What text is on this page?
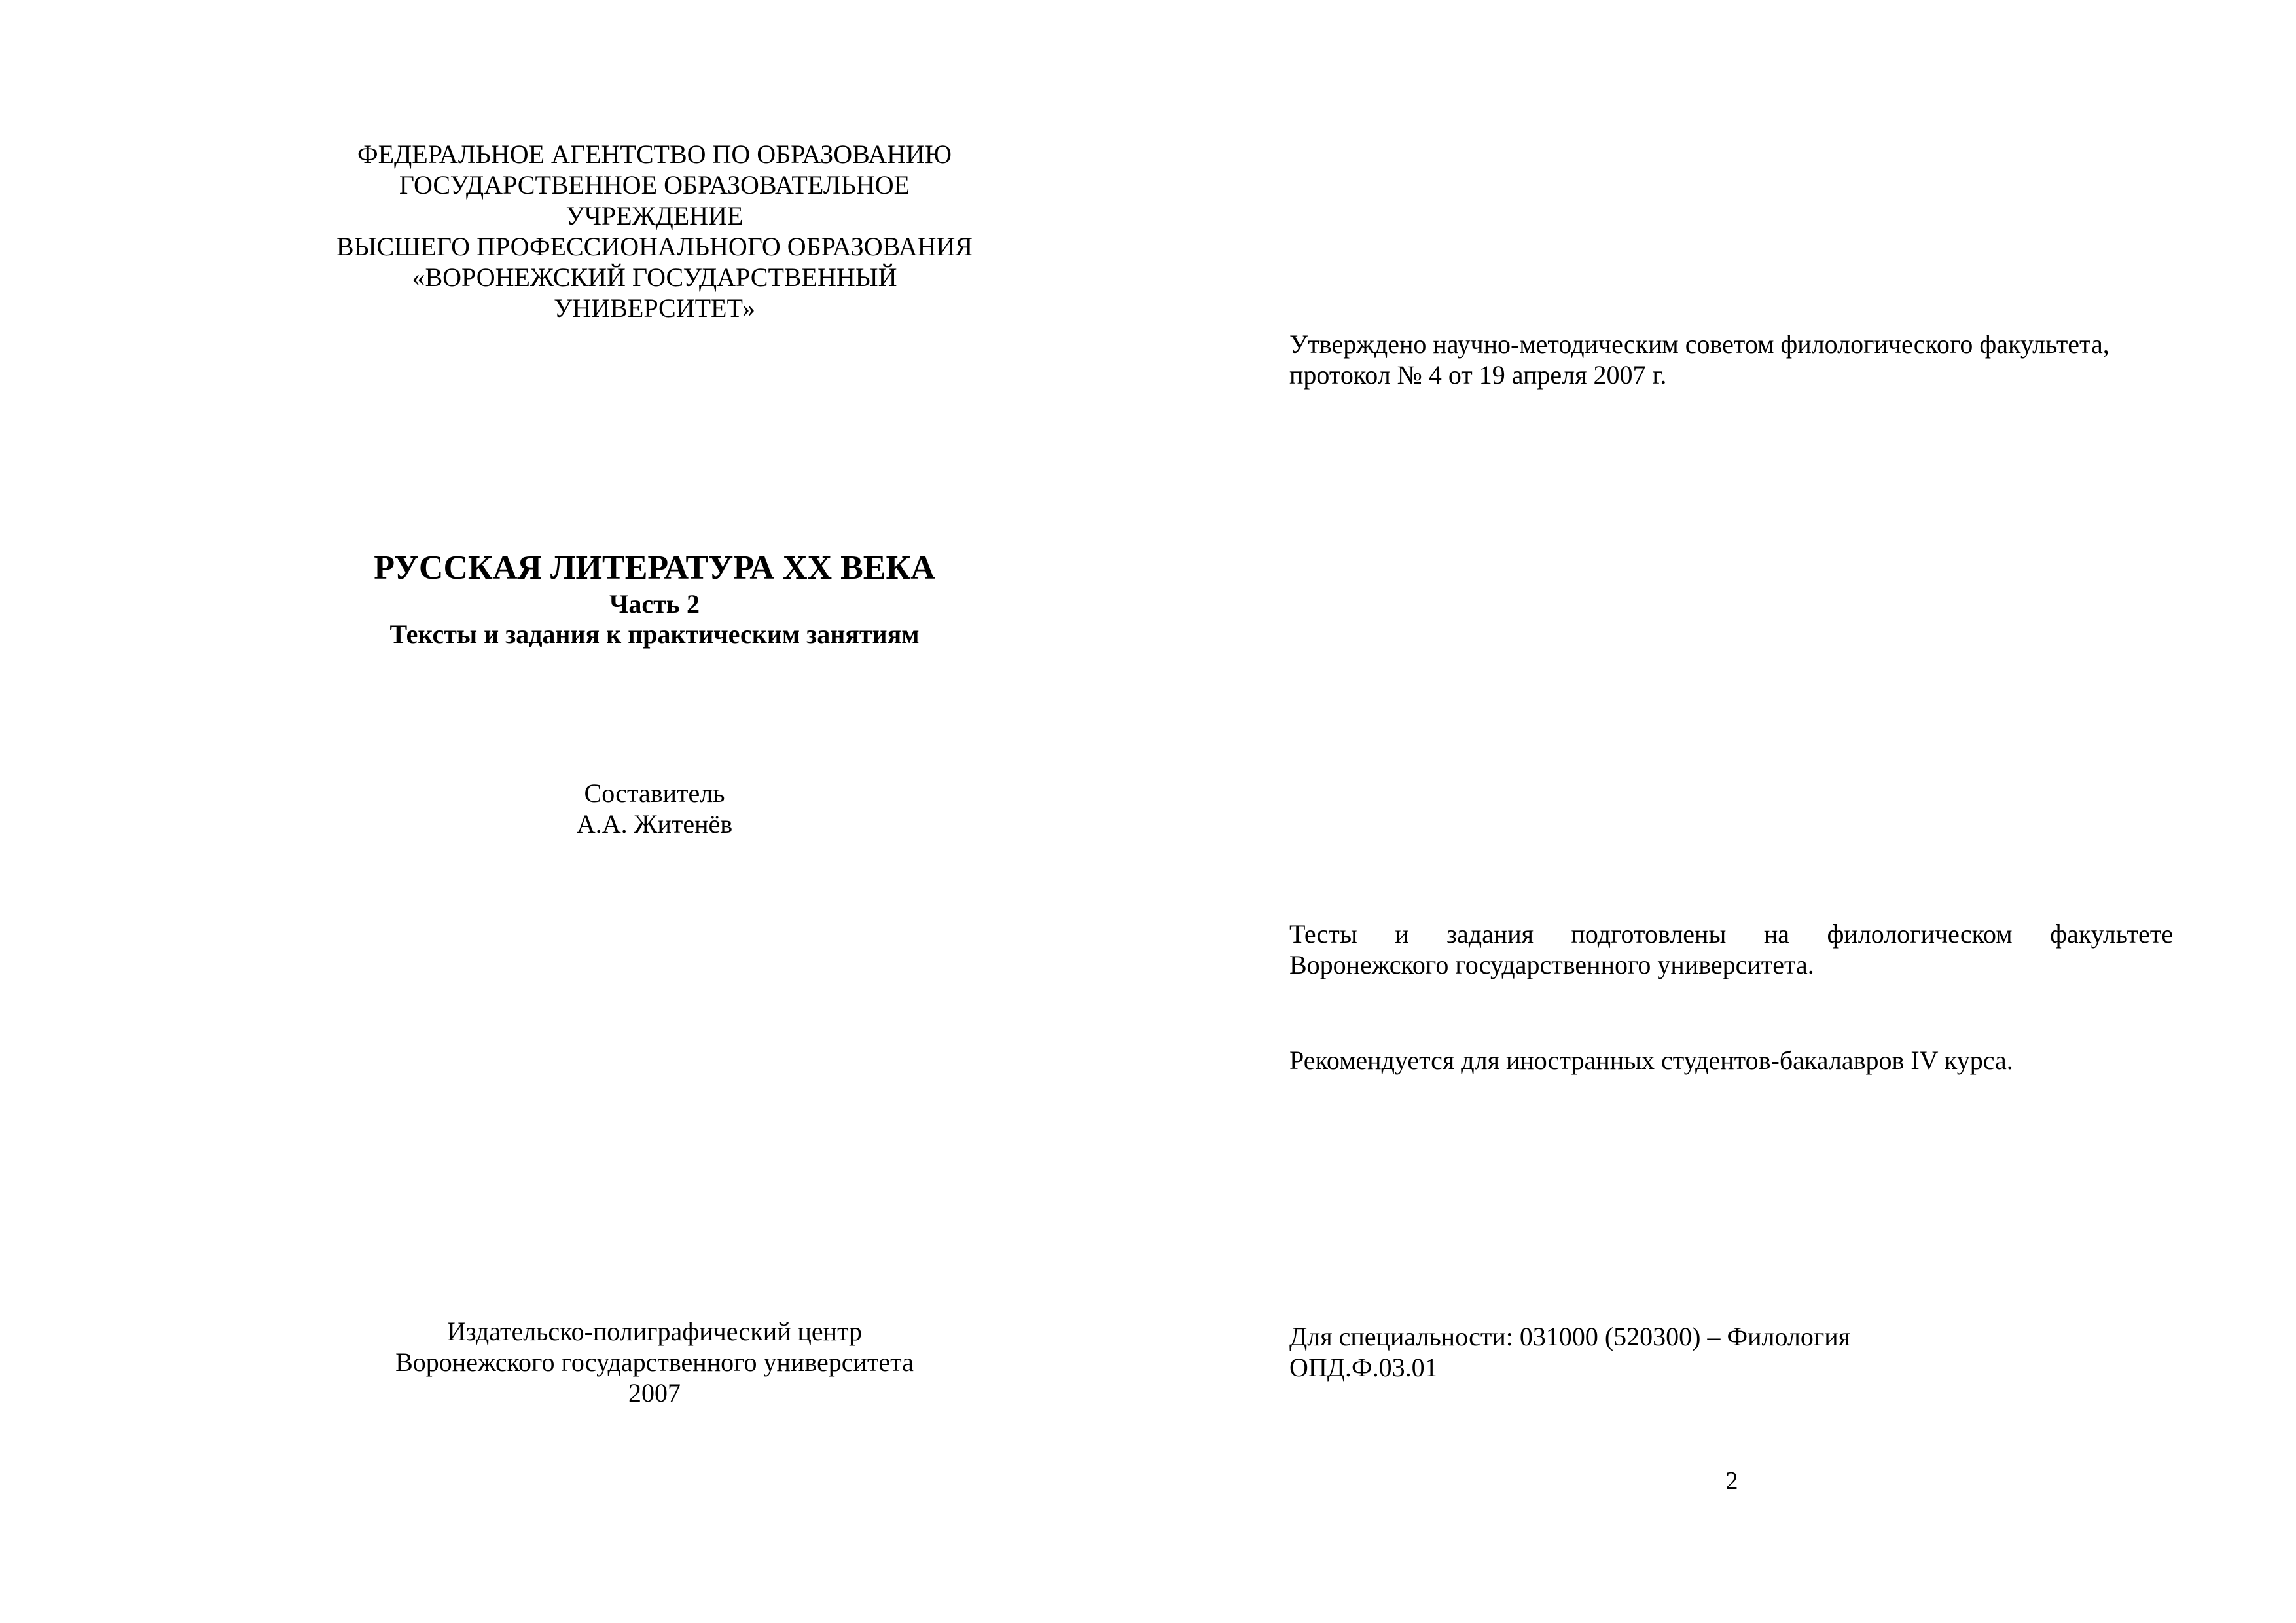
ФЕДЕРАЛЬНОЕ АГЕНТСТВО ПО ОБРАЗОВАНИЮ
ГОСУДАРСТВЕННОЕ ОБРАЗОВАТЕЛЬНОЕ
УЧРЕЖДЕНИЕ
ВЫСШЕГО ПРОФЕССИОНАЛЬНОГО ОБРАЗОВАНИЯ
«ВОРОНЕЖСКИЙ ГОСУДАРСТВЕННЫЙ
УНИВЕРСИТЕТ»
РУССКАЯ ЛИТЕРАТУРА XX ВЕКА
Часть 2
Тексты и задания к практическим занятиям
Составитель
А.А. Житенёв
Издательско-полиграфический центр
Воронежского государственного университета
2007
Утверждено научно-методическим советом филологического факультета,
протокол № 4 от 19 апреля 2007 г.
Тесты и задания подготовлены на филологическом факультете
Воронежского государственного университета.
Рекомендуется для иностранных студентов-бакалавров IV курса.
Для специальности: 031000 (520300) – Филология
ОПД.Ф.03.01
2
